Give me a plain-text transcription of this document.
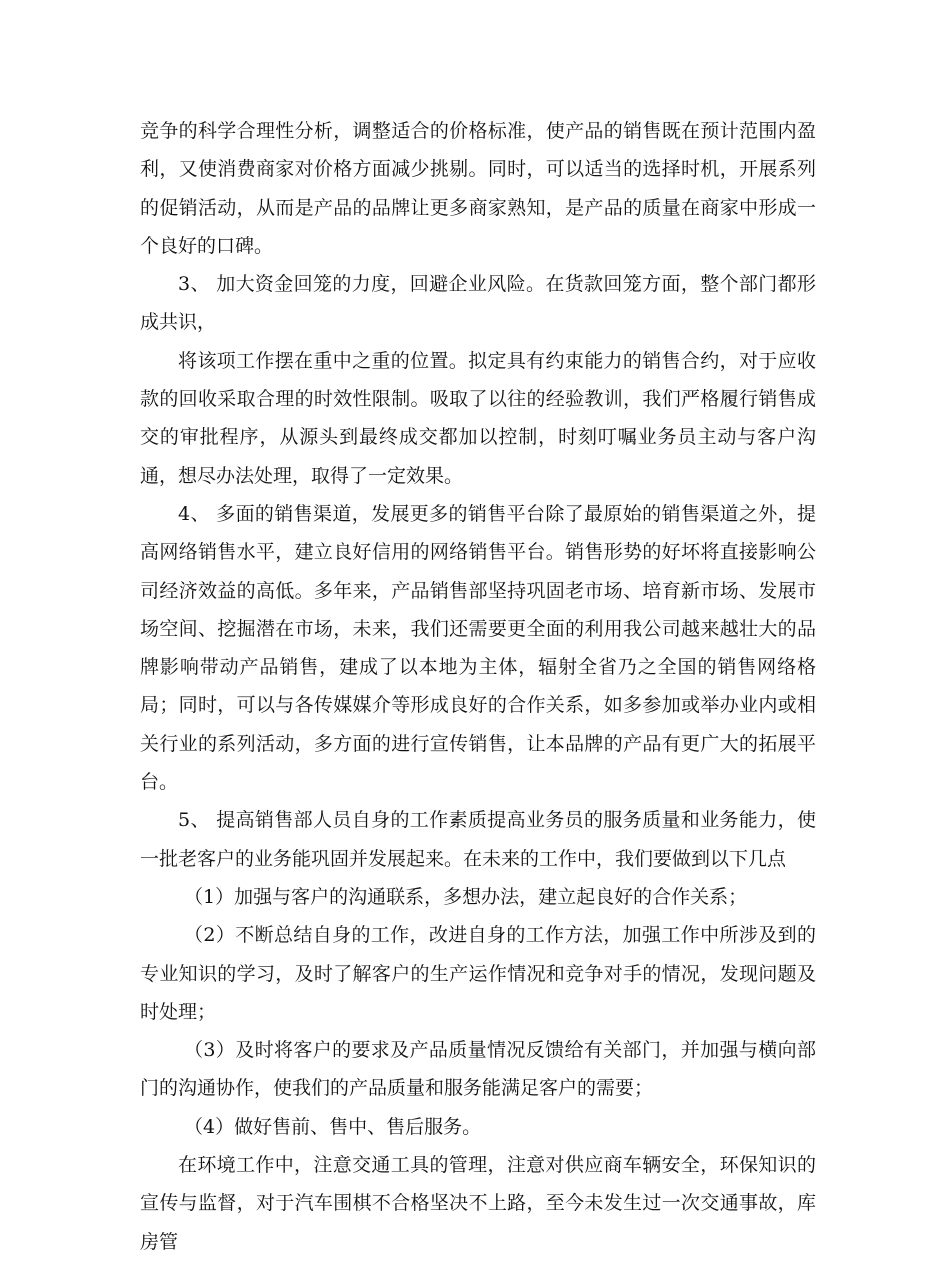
竞争的科学合理性分析，调整适合的价格标准，使产品的销售既在预计范围内盈利，又使消费商家对价格方面减少挑剔。同时，可以适当的选择时机，开展系列的促销活动，从而是产品的品牌让更多商家熟知，是产品的质量在商家中形成一个良好的口碑。

3、 加大资金回笼的力度，回避企业风险。在货款回笼方面，整个部门都形成共识，

将该项工作摆在重中之重的位置。拟定具有约束能力的销售合约，对于应收款的回收采取合理的时效性限制。吸取了以往的经验教训，我们严格履行销售成交的审批程序，从源头到最终成交都加以控制，时刻叮嘱业务员主动与客户沟通，想尽办法处理，取得了一定效果。

4、 多面的销售渠道，发展更多的销售平台除了最原始的销售渠道之外，提高网络销售水平，建立良好信用的网络销售平台。销售形势的好坏将直接影响公司经济效益的高低。多年来，产品销售部坚持巩固老市场、培育新市场、发展市场空间、挖掘潜在市场，未来，我们还需要更全面的利用我公司越来越壮大的品牌影响带动产品销售，建成了以本地为主体，辐射全省乃之全国的销售网络格局；同时，可以与各传媒媒介等形成良好的合作关系，如多参加或举办业内或相关行业的系列活动，多方面的进行宣传销售，让本品牌的产品有更广大的拓展平台。

5、 提高销售部人员自身的工作素质提高业务员的服务质量和业务能力，使一批老客户的业务能巩固并发展起来。在未来的工作中，我们要做到以下几点

（1）加强与客户的沟通联系，多想办法，建立起良好的合作关系；

（2）不断总结自身的工作，改进自身的工作方法，加强工作中所涉及到的专业知识的学习，及时了解客户的生产运作情况和竞争对手的情况，发现问题及时处理；

（3）及时将客户的要求及产品质量情况反馈给有关部门，并加强与横向部门的沟通协作，使我们的产品质量和服务能满足客户的需要；

（4）做好售前、售中、售后服务。

在环境工作中，注意交通工具的管理，注意对供应商车辆安全，环保知识的宣传与监督，对于汽车围棋不合格坚决不上路，至今未发生过一次交通事故，库房管
